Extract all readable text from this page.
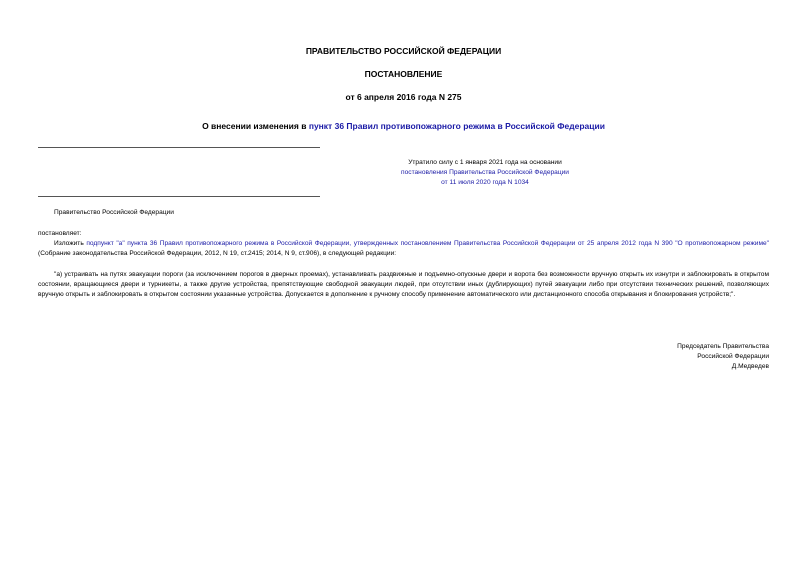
ПРАВИТЕЛЬСТВО РОССИЙСКОЙ ФЕДЕРАЦИИ
ПОСТАНОВЛЕНИЕ
от 6 апреля 2016 года N 275
О внесении изменения в пункт 36 Правил противопожарного режима в Российской Федерации
Утратило силу с 1 января 2021 года на основании
постановления Правительства Российской Федерации
от 11 июля 2020 года N 1034
Правительство Российской Федерации
постановляет:
Изложить подпункт "а" пункта 36 Правил противопожарного режима в Российской Федерации, утвержденных постановлением Правительства Российской Федерации от 25 апреля 2012 года N 390 "О противопожарном режиме" (Собрание законодательства Российской Федерации, 2012, N 19, ст.2415; 2014, N 9, ст.906), в следующей редакции:
"а) устраивать на путях эвакуации пороги (за исключением порогов в дверных проемах), устанавливать раздвижные и подъемно-опускные двери и ворота без возможности вручную открыть их изнутри и заблокировать в открытом состоянии, вращающиеся двери и турникеты, а также другие устройства, препятствующие свободной эвакуации людей, при отсутствии иных (дублирующих) путей эвакуации либо при отсутствии технических решений, позволяющих вручную открыть и заблокировать в открытом состоянии указанные устройства. Допускается в дополнение к ручному способу применение автоматического или дистанционного способа открывания и блокирования устройств;".
Председатель Правительства
Российской Федерации
Д.Медведев
